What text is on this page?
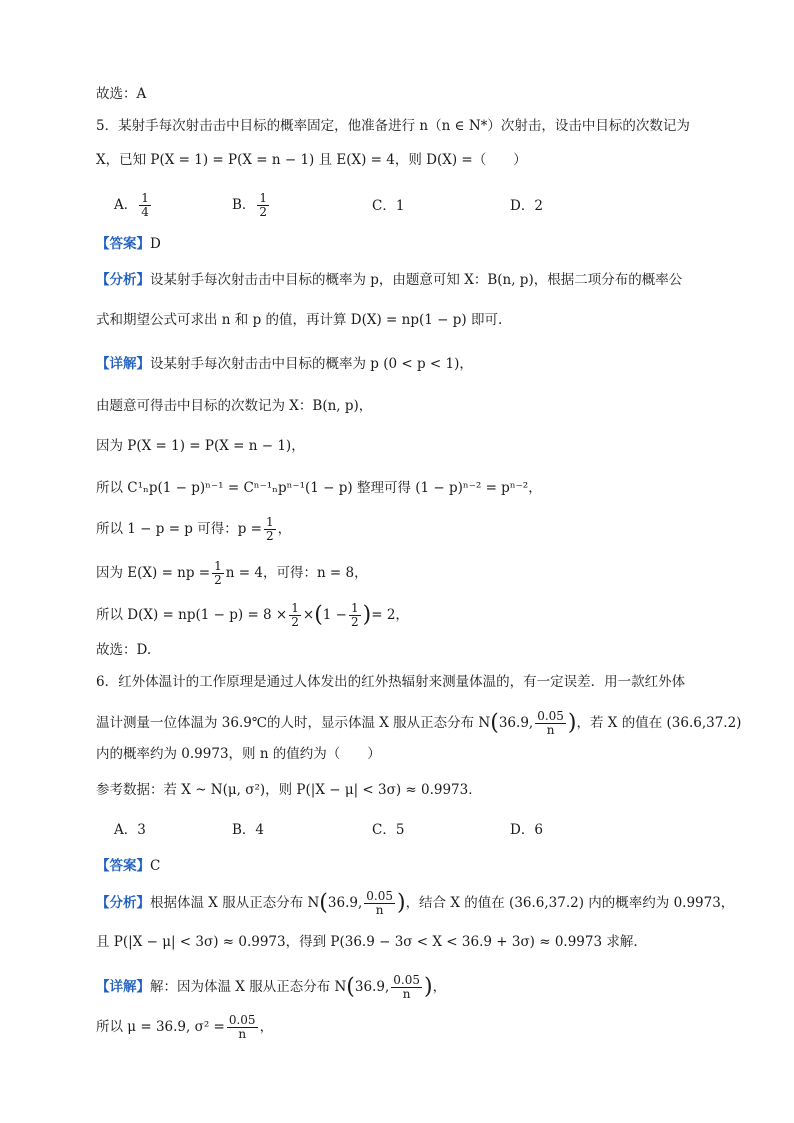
故选：A
5．某射手每次射击击中目标的概率固定，他准备进行 n（n ∈ N*）次射击，设击中目标的次数记为
X，已知 P(X = 1) = P(X = n − 1) 且 E(X) = 4，则 D(X) =（　　）
A． $\frac{1}{4}$	B． $\frac{1}{2}$	C．1	D．2
【答案】D
【分析】设某射手每次射击击中目标的概率为 p，由题意可知 X：B(n, p)，根据二项分布的概率公
式和期望公式可求出 n 和 p 的值，再计算 D(X) = np(1 − p) 即可.
【详解】设某射手每次射击击中目标的概率为 p (0 < p < 1)，
由题意可得击中目标的次数记为 X：B(n, p)，
因为 P(X = 1) = P(X = n − 1)，
所以 C¹ₙp(1 − p)ⁿ⁻¹ = Cⁿ⁻¹ₙpⁿ⁻¹(1 − p) 整理可得 (1 − p)ⁿ⁻² = pⁿ⁻²，
所以 1 − p = p 可得：$p = \frac{1}{2}$ ，
因为 E(X) = np = $\frac{1}{2}$ n = 4，可得：n = 8，
所以 $D(X) = np(1 - p) = 8 \times \frac{1}{2} \times(1 - \frac{1}{2}$ )= 2，
故选：D.
6．红外体温计的工作原理是通过人体发出的红外热辐射来测量体温的，有一定误差．用一款红外体
温计测量一位体温为 36.9℃的人时，显示体温 X 服从正态分布 N(36.9, $\frac{0.05}{n}$ )，若 X 的值在 (36.6,37.2)
内的概率约为 0.9973，则 n 的值约为（　　）
参考数据：若 X ~ N(μ, σ²)，则 P(|X − μ| < 3σ) ≈ 0.9973．
A．3	B．4	C．5	D．6
【答案】C
【分析】根据体温 X 服从正态分布 N(36.9, $\frac{0.05}{n}$ )，结合 X 的值在 (36.6,37.2) 内的概率约为 0.9973，
且 P(|X − μ| < 3σ) ≈ 0.9973，得到 P(36.9 − 3σ < X < 36.9 + 3σ) ≈ 0.9973 求解.
【详解】解：因为体温 X 服从正态分布 N(36.9, $\frac{0.05}{n}$ )，
所以 μ = 36.9, $\sigma^2 = \frac{0.05}{n}$ ，
